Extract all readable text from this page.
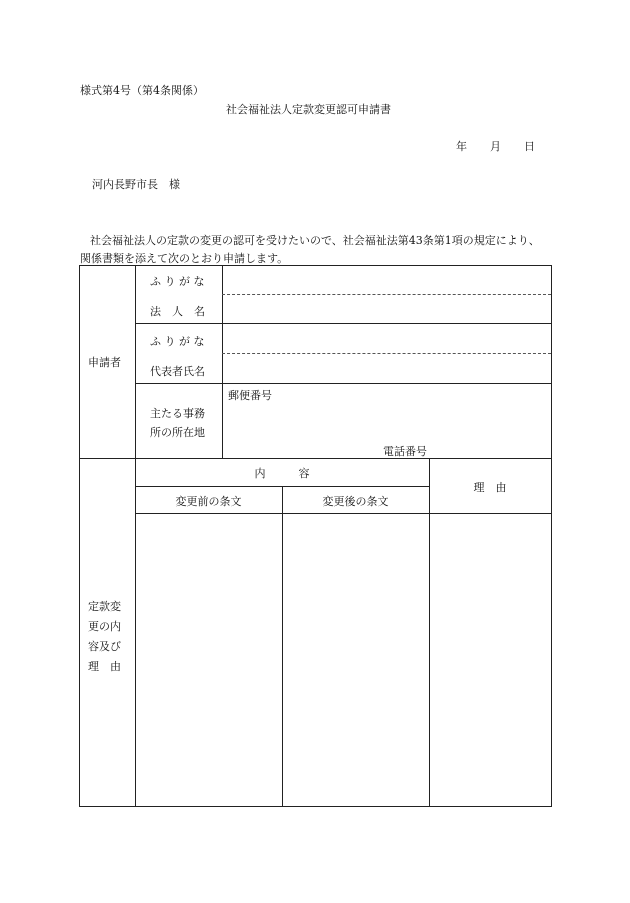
様式第4号（第4条関係）
社会福祉法人定款変更認可申請書
年 月 日
河内長野市長　様
社会福祉法人の定款の変更の認可を受けたいので、社会福祉法第43条第1項の規定により、
関係書類を添えて次のとおり申請します。
申請者
ふ り が な
法　人　名
ふ り が な
代表者氏名
主たる事務
所の所在地
郵便番号
電話番号
定款変
更の内
容及び
理　由
内　　　容
変更前の条文	変更後の条文
理　由
